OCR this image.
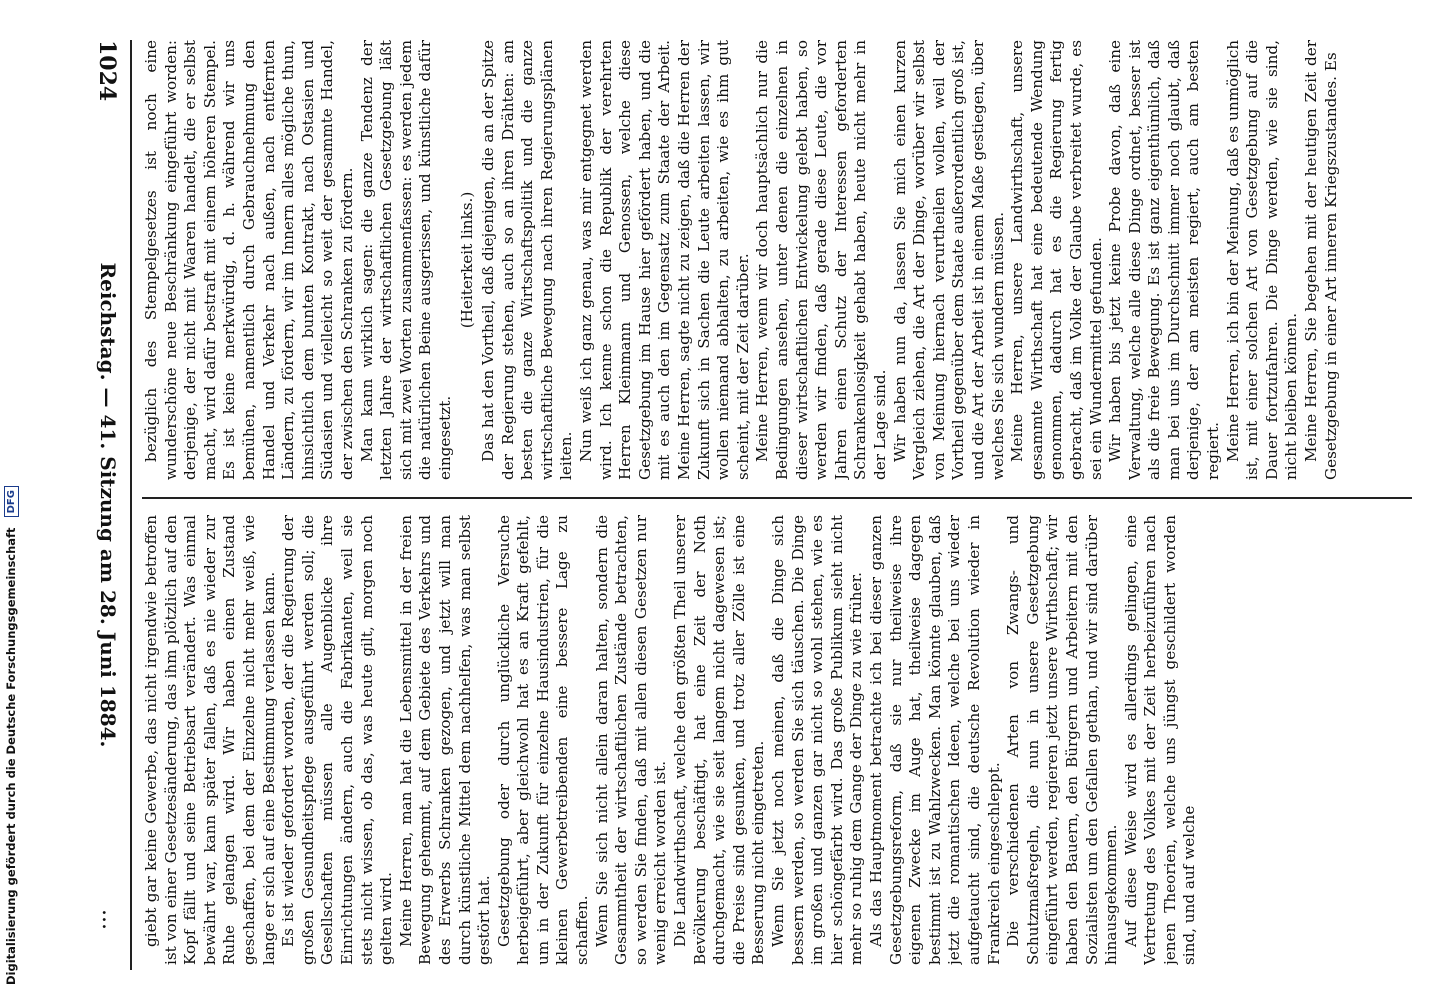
1024
Reichstag. — 41. Sitzung am 28. Juni 1884.
...

bezüglich des Stempelgesetzes ist noch eine wunderschöne neue Beschränkung eingeführt worden: derjenige, der nicht mit Waaren handelt, die er selbst macht, wird dafür bestraft mit einem höheren Stempel. Es ist keine merkwürdig, d. h. während wir uns bemühen, namentlich durch Gebrauchnehmung den Handel und Verkehr nach außen, nach entfernten Ländern, zu fördern, wir im Innern alles mögliche thun, hinsichtlich dem bunten Kontrakt, nach Ostasien und Südasien und vielleicht so weit der gesammte Handel, der zwischen den Schranken zu fördern. Man kann wirklich sagen: die ganze Tendenz der letzten Jahre der wirtschaftlichen Gesetzgebung läßt sich mit zwei Worten zusammenfassen: es werden jedem die natürlichen Beine ausgerissen, und künstliche dafür eingesetzt.

(Heiterkeit links.) Das hat den Vortheil, daß diejenigen, die an der Spitze der Regierung stehen, auch so an ihren Drähten: am besten die ganze Wirtschaftspolitik und die ganze wirtschaftliche Bewegung nach ihren Regierungsplänen leiten. Nun weiß ich ganz genau, was mir entgegnet werden wird. Ich kenne schon die Republik der verehrten Herren Kleinmann und Genossen, welche diese Gesetzgebung im Hause hier gefördert haben, und die mit es auch den im Gegensatz zum Staate der Arbeit. Meine Herren, sagte nicht zu zeigen, daß die Herren der Zukunft sich in Sachen die Leute arbeiten lassen, wir wollen niemand abhalten, zu arbeiten, wie es ihm gut scheint, mit der Zeit darüber. Meine Herren, wenn wir doch hauptsächlich nur die Bedingungen ansehen, unter denen die einzelnen in dieser wirtschaftlichen Entwickelung gelebt haben, so werden wir finden, daß gerade diese Leute, die vor Jahren einen Schutz der Interessen geforderten Schrankenlosigkeit gehabt haben, heute nicht mehr in der Lage sind. Wir haben nun da, lassen Sie mich einen kurzen Vergleich ziehen, die Art der Dinge, worüber wir selbst von Meinung hiernach verurtheilen wollen, weil der Vortheil gegenüber dem Staate außerordentlich groß ist, und die Art der Arbeit ist in einem Maße gestiegen, über welches Sie sich wundern müssen. Meine Herren, unsere Landwirthschaft, unsere gesammte Wirthschaft hat eine bedeutende Wendung genommen, dadurch hat es die Regierung fertig gebracht, daß im Volke der Glaube verbreitet wurde, es sei ein Wundermittel gefunden. Wir haben bis jetzt keine Probe davon, daß eine Verwaltung, welche alle diese Dinge ordnet, besser ist als die freie Bewegung. Es ist ganz eigenthümlich, daß man bei uns im Durchschnitt immer noch glaubt, daß derjenige, der am meisten regiert, auch am besten regiert. Meine Herren, ich bin der Meinung, daß es unmöglich ist, mit einer solchen Art von Gesetzgebung auf die Dauer fortzufahren. Die Dinge werden, wie sie sind, nicht bleiben können. Meine Herren, Sie begehen mit der heutigen Zeit der Gesetzgebung in einer Art inneren Kriegszustandes. Es

giebt gar keine Gewerbe, das nicht irgendwie betroffen ist von einer Gesetzesänderung, das ihm plötzlich auf den Kopf fällt und seine Betriebsart verändert. Was einmal bewährt war, kann später fallen, daß es nie wieder zur Ruhe gelangen wird. Wir haben einen Zustand geschaffen, bei dem der Einzelne nicht mehr weiß, wie lange er sich auf eine Bestimmung verlassen kann. Es ist wieder gefordert worden, der die Regierung der großen Gesundheitspflege ausgeführt werden soll; die Gesellschaften müssen alle Augenblicke ihre Einrichtungen ändern, auch die Fabrikanten, weil sie stets nicht wissen, ob das, was heute gilt, morgen noch gelten wird. Meine Herren, man hat die Lebensmittel in der freien Bewegung gehemmt, auf dem Gebiete des Verkehrs und des Erwerbs Schranken gezogen, und jetzt will man durch künstliche Mittel dem nachhelfen, was man selbst gestört hat. Gesetzgebung oder durch unglückliche Versuche herbeigeführt, aber gleichwohl hat es an Kraft gefehlt, um in der Zukunft für einzelne Hausindustrien, für die kleinen Gewerbetreibenden eine bessere Lage zu schaffen. Wenn Sie sich nicht allein daran halten, sondern die Gesammtheit der wirtschaftlichen Zustände betrachten, so werden Sie finden, daß mit allen diesen Gesetzen nur wenig erreicht worden ist. Die Landwirthschaft, welche den größten Theil unserer Bevölkerung beschäftigt, hat eine Zeit der Noth durchgemacht, wie sie seit langem nicht dagewesen ist; die Preise sind gesunken, und trotz aller Zölle ist eine Besserung nicht eingetreten. Wenn Sie jetzt noch meinen, daß die Dinge sich bessern werden, so werden Sie sich täuschen. Die Dinge im großen und ganzen gar nicht so wohl stehen, wie es hier schöngefärbt wird. Das große Publikum sieht nicht mehr so ruhig dem Gange der Dinge zu wie früher. Als das Hauptmoment betrachte ich bei dieser ganzen Gesetzgebungsreform, daß sie nur theilweise ihre eigenen Zwecke im Auge hat, theilweise dagegen bestimmt ist zu Wahlzwecken. Man könnte glauben, daß jetzt die romantischen Ideen, welche bei uns wieder aufgetaucht sind, die deutsche Revolution wieder in Frankreich eingeschleppt. Die verschiedenen Arten von Zwangs- und Schutzmaßregeln, die nun in unsere Gesetzgebung eingeführt werden, regieren jetzt unsere Wirthschaft; wir haben den Bauern, den Bürgern und Arbeitern mit den Sozialisten um den Gefallen gethan, und wir sind darüber hinausgekommen. Auf diese Weise wird es allerdings gelingen, eine Vertretung des Volkes mit der Zeit herbeizuführen nach jenen Theorien, welche uns jüngst geschildert worden sind, und auf welche

Digitalisierung gefördert durch die Deutsche Forschungsgemeinschaft DFG
